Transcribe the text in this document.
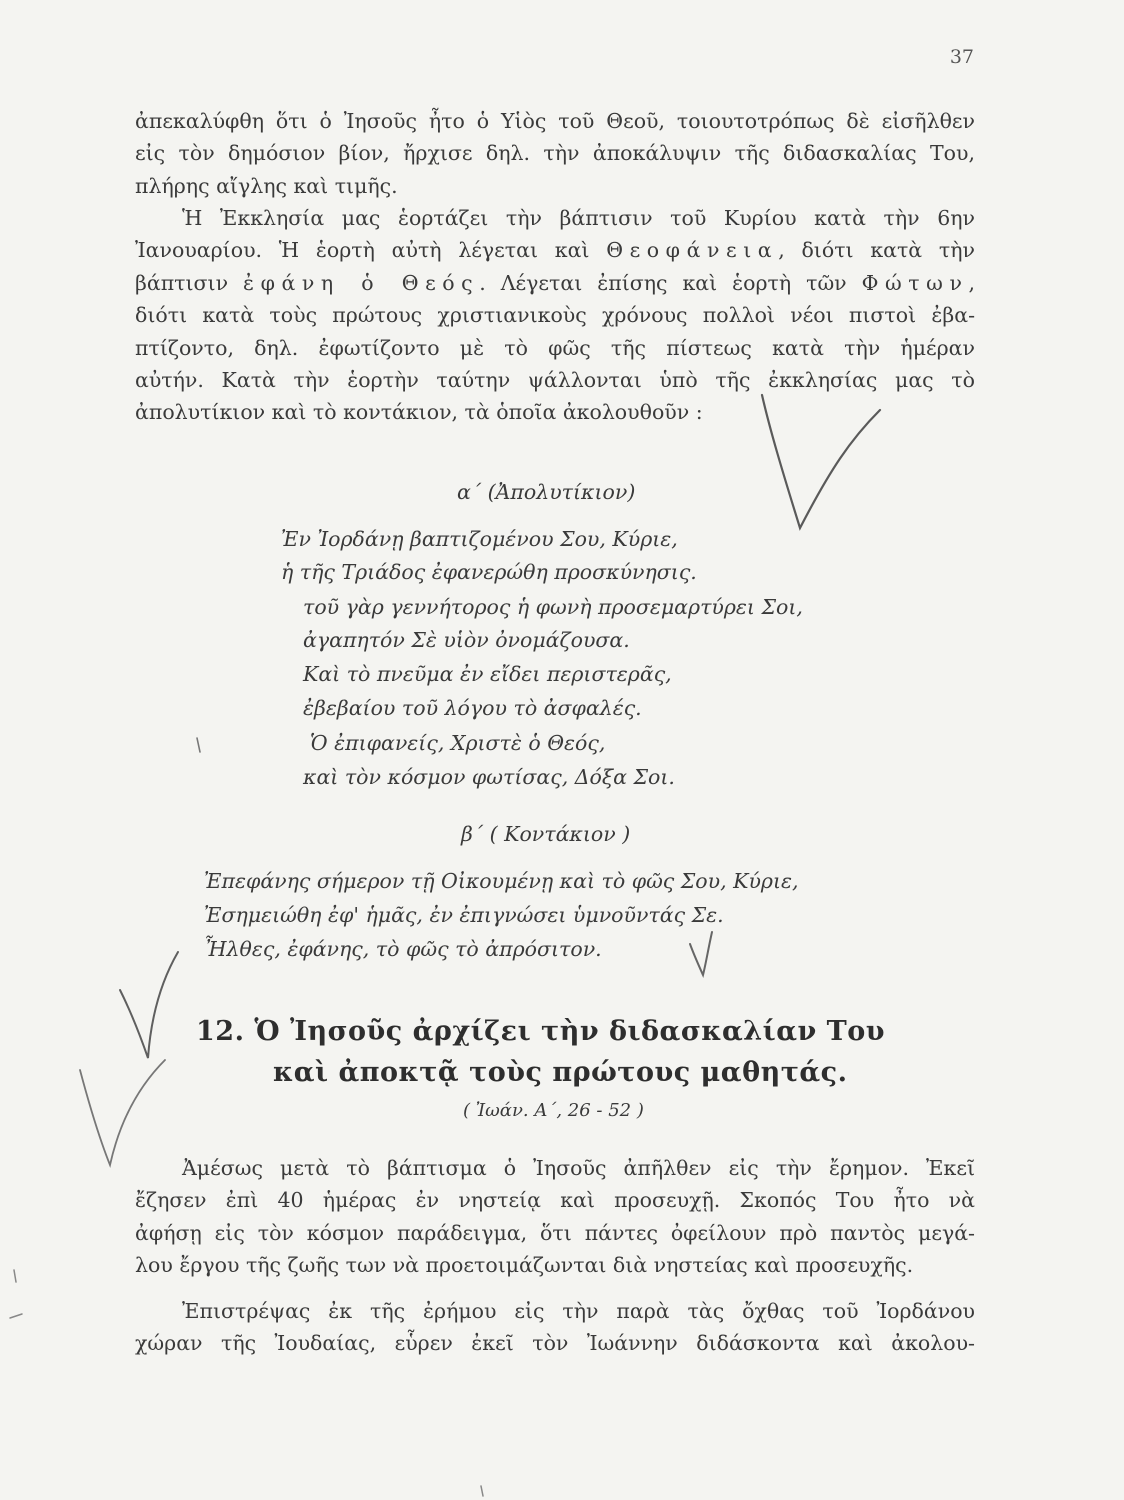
37

ἀπεκαλύφθη ὅτι ὁ Ἰησοῦς ἦτο ὁ Υἱὸς τοῦ Θεοῦ, τοιουτοτρόπως δὲ εἰσῆλθεν
εἰς τὸν δημόσιον βίον, ἤρχισε δηλ. τὴν ἀποκάλυψιν τῆς διδασκαλίας Του,
πλήρης αἴγλης καὶ τιμῆς.

Ἡ Ἐκκλησία μας ἑορτάζει τὴν βάπτισιν τοῦ Κυρίου κατὰ τὴν 6ην
Ἰανουαρίου. Ἡ ἑορτὴ αὐτὴ λέγεται καὶ Θεοφάνεια, διότι κατὰ τὴν
βάπτισιν ἐφάνη ὁ Θεός. Λέγεται ἐπίσης καὶ ἑορτὴ τῶν Φώτων,
διότι κατὰ τοὺς πρώτους χριστιανικοὺς χρόνους πολλοὶ νέοι πιστοὶ ἐβα-
πτίζοντο, δηλ. ἐφωτίζοντο μὲ τὸ φῶς τῆς πίστεως κατὰ τὴν ἡμέραν
αὐτήν. Κατὰ τὴν ἑορτὴν ταύτην ψάλλονται ὑπὸ τῆς ἐκκλησίας μας τὸ
ἀπολυτίκιον καὶ τὸ κοντάκιον, τὰ ὁποῖα ἀκολουθοῦν :

α΄ (Ἀπολυτίκιον)
Ἐν Ἰορδάνῃ βαπτιζομένου Σου, Κύριε,
ἡ τῆς Τριάδος ἐφανερώθη προσκύνησις.
τοῦ γὰρ γεννήτορος ἡ φωνὴ προσεμαρτύρει Σοι,
ἀγαπητόν Σὲ υἱὸν ὀνομάζουσα.
Καὶ τὸ πνεῦμα ἐν εἴδει περιστερᾶς,
ἐβεβαίου τοῦ λόγου τὸ ἀσφαλές.
Ὁ ἐπιφανείς, Χριστὲ ὁ Θεός,
καὶ τὸν κόσμον φωτίσας, Δόξα Σοι.
β΄ ( Κοντάκιον )
Ἐπεφάνης σήμερον τῇ Οἰκουμένῃ καὶ τὸ φῶς Σου, Κύριε,
Ἐσημειώθη ἐφ' ἡμᾶς, ἐν ἐπιγνώσει ὑμνοῦντάς Σε.
Ἦλθες, ἐφάνης, τὸ φῶς τὸ ἀπρόσιτον.
12. Ὁ Ἰησοῦς ἀρχίζει τὴν διδασκαλίαν Του
καὶ ἀποκτᾷ τοὺς πρώτους μαθητάς.
( Ἰωάν. Α΄, 26 - 52 )

Ἀμέσως μετὰ τὸ βάπτισμα ὁ Ἰησοῦς ἀπῆλθεν εἰς τὴν ἔρημον. Ἐκεῖ
ἔζησεν ἐπὶ 40 ἡμέρας ἐν νηστείᾳ καὶ προσευχῇ. Σκοπός Του ἦτο νὰ
ἀφήσῃ εἰς τὸν κόσμον παράδειγμα, ὅτι πάντες ὀφείλουν πρὸ παντὸς μεγά-
λου ἔργου τῆς ζωῆς των νὰ προετοιμάζωνται διὰ νηστείας καὶ προσευχῆς.

Ἐπιστρέψας ἐκ τῆς ἐρήμου εἰς τὴν παρὰ τὰς ὄχθας τοῦ Ἰορδάνου
χώραν τῆς Ἰουδαίας, εὗρεν ἐκεῖ τὸν Ἰωάννην διδάσκοντα καὶ ἀκολου-
